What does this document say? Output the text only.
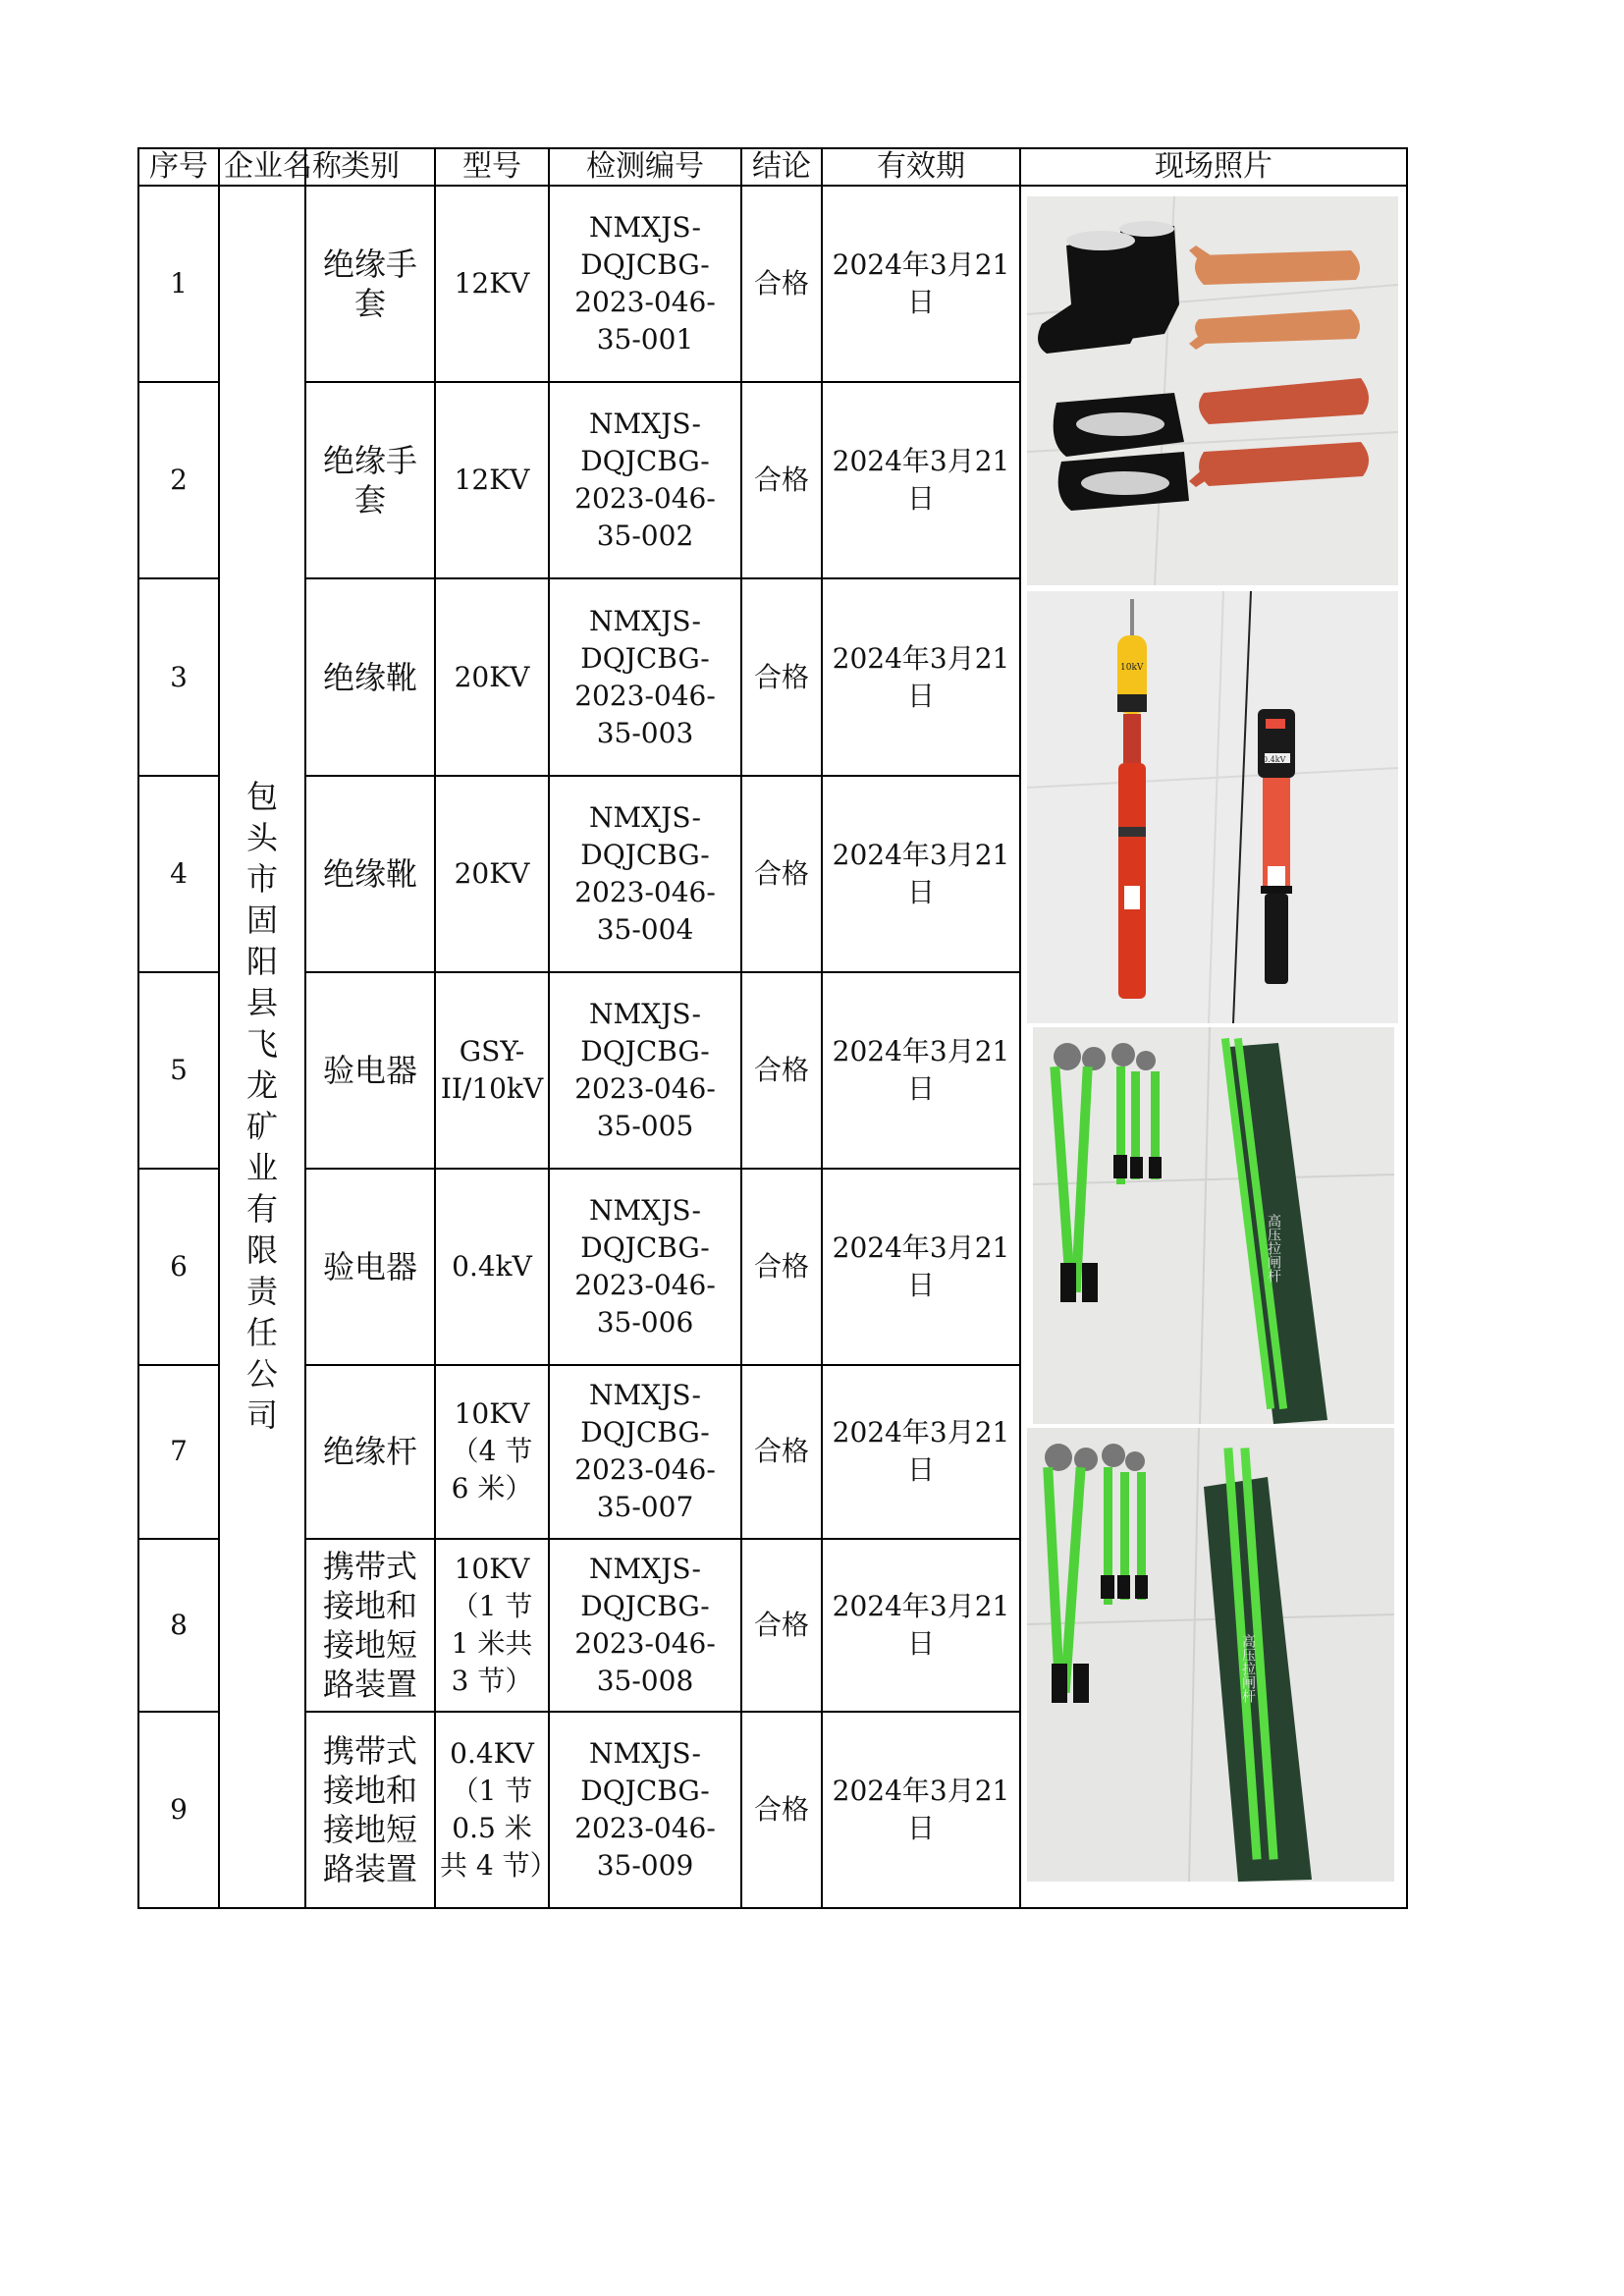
序号	企业名称	类别	型号	检测编号	结论	有效期	现场照片
1	包头市固阳县飞龙矿业有限责任公司	绝缘手套	12KV	NMXJS-DQJCBG-2023-046-35-001	合格	2024年3月21日	10kV
0.4kV
高压拉闸杆
高压拉闸杆

2		绝缘手套	12KV	NMXJS-DQJCBG-2023-046-35-002	合格	2024年3月21日	
3		绝缘靴	20KV	NMXJS-DQJCBG-2023-046-35-003	合格	2024年3月21日	
4		绝缘靴	20KV	NMXJS-DQJCBG-2023-046-35-004	合格	2024年3月21日	
5		验电器	GSY-II/10kV	NMXJS-DQJCBG-2023-046-35-005	合格	2024年3月21日	
6		验电器	0.4kV	NMXJS-DQJCBG-2023-046-35-006	合格	2024年3月21日	
7		绝缘杆	10KV（4 节 6 米）	NMXJS-DQJCBG-2023-046-35-007	合格	2024年3月21日	
8		携带式接地和接地短路装置	10KV（1 节 1 米共 3 节）	NMXJS-DQJCBG-2023-046-35-008	合格	2024年3月21日	
9		携带式接地和接地短路装置	0.4KV（1 节 0.5 米共 4 节）	NMXJS-DQJCBG-2023-046-35-009	合格	2024年3月21日	
